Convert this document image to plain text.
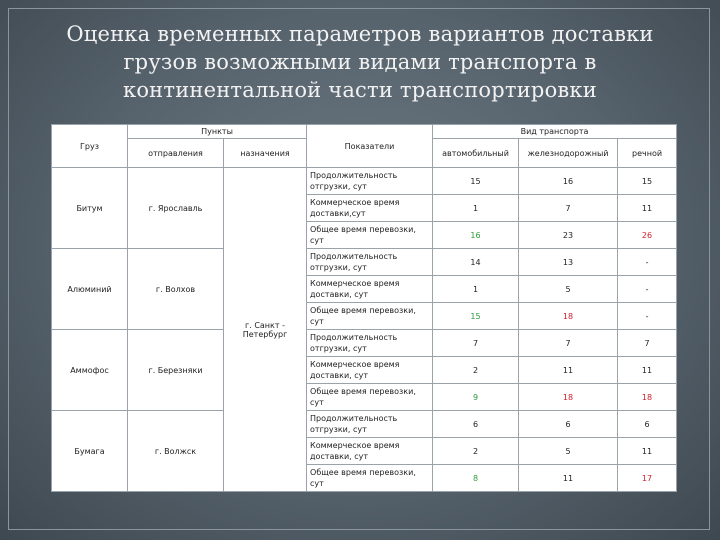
Оценка временных параметров вариантов доставки
грузов возможными видами транспорта в
континентальной части транспортировки
Груз	Пункты		Показатели	Вид транспорта		
	отправления	назначения		автомобильный	железнодорожный	речной
Битум	г. Ярославль	г. Санкт - Петербург	Продолжительность отгрузки, сут	15	16	15
			Коммерческое время доставки,сут	1	7	11
			Общее время перевозки, сут	16	23	26
Алюминий	г. Волхов		Продолжительность отгрузки, сут	14	13	-
			Коммерческое время доставки, сут	1	5	-
			Общее время перевозки, сут	15	18	-
Аммофос	г. Березняки		Продолжительность отгрузки, сут	7	7	7
			Коммерческое время доставки, сут	2	11	11
			Общее время перевозки, сут	9	18	18
Бумага	г. Волжск		Продолжительность отгрузки, сут	6	6	6
			Коммерческое время доставки, сут	2	5	11
			Общее время перевозки, сут	8	11	17
